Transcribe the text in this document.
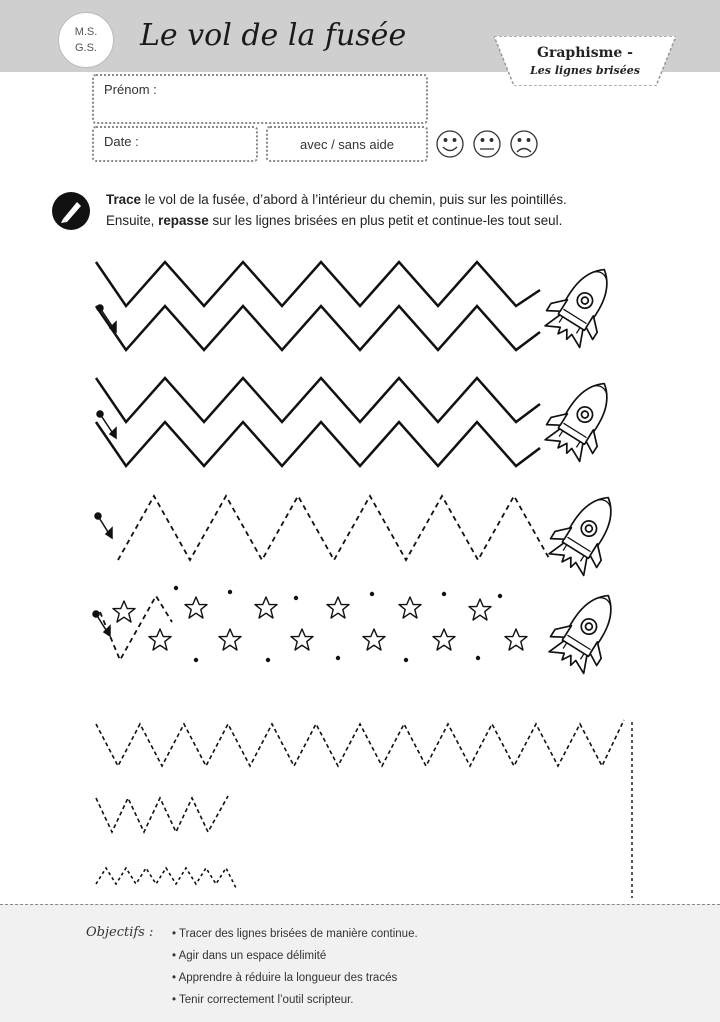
M.S.
G.S. Le vol de la fusée	Graphisme -
Les lignes brisées
Prénom :
Date :	avec / sans aide
Trace le vol de la fusée, d’abord à l’intérieur du chemin, puis sur les pointillés.
Ensuite, repasse sur les lignes brisées en plus petit et continue-les tout seul.
Objectifs :
•	Tracer des lignes brisées de manière continue.
• Agir dans un espace délimité
• Apprendre à réduire la longueur des tracés
• Tenir correctement l’outil scripteur.
